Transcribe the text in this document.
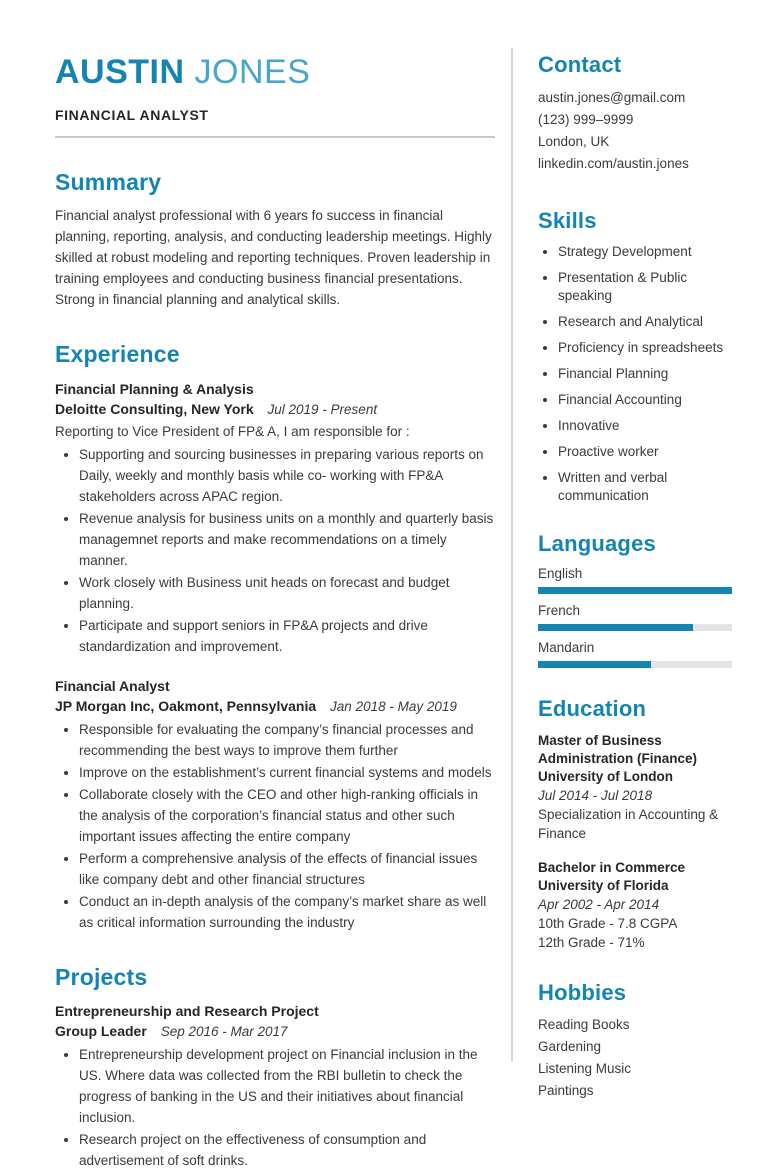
AUSTIN JONES
FINANCIAL ANALYST
Summary

Financial analyst professional with 6 years fo success in financial planning, reporting, analysis, and conducting leadership meetings. Highly skilled at robust modeling and reporting techniques. Proven leadership in training employees and conducting business financial presentations. Strong in financial planning and analytical skills.

Experience
Financial Planning & Analysis
Deloitte Consulting, New York Jul 2019 - Present

Reporting to Vice President of FP& A, I am responsible for :

• Supporting and sourcing businesses in preparing various reports on Daily, weekly and monthly basis while co- working with FP&A stakeholders across APAC region.
• Revenue analysis for business units on a monthly and quarterly basis managemnet reports and make recommendations on a timely manner.
• Work closely with Business unit heads on forecast and budget planning.
• Participate and support seniors in FP&A projects and drive standardization and improvement.
Financial Analyst
JP Morgan Inc, Oakmont, Pennsylvania Jan 2018 - May 2019
• Responsible for evaluating the company’s financial processes and recommending the best ways to improve them further
• Improve on the establishment’s current financial systems and models
• Collaborate closely with the CEO and other high-ranking officials in the analysis of the corporation’s financial status and other such important issues affecting the entire company
• Perform a comprehensive analysis of the effects of financial issues like company debt and other financial structures
• Conduct an in-depth analysis of the company’s market share as well as critical information surrounding the industry
Projects
Entrepreneurship and Research Project
Group Leader Sep 2016 - Mar 2017
• Entrepreneurship development project on Financial inclusion in the US. Where data was collected from the RBI bulletin to check the progress of banking in the US and their initiatives about financial inclusion.
• Research project on the effectiveness of consumption and advertisement of soft drinks.
Contact
austin.jones@gmail.com
(123) 999–9999
London, UK
linkedin.com/austin.jones
Skills
• Strategy Development
• Presentation & Public speaking
• Research and Analytical
• Proficiency in spreadsheets
• Financial Planning
• Financial Accounting
• Innovative
• Proactive worker
• Written and verbal communication
Languages
English
French
Mandarin
Education
Master of Business Administration (Finance)
University of London
Jul 2014 - Jul 2018
Specialization in Accounting & Finance
Bachelor in Commerce
University of Florida
Apr 2002 - Apr 2014
10th Grade - 7.8 CGPA
12th Grade - 71%
Hobbies
Reading Books
Gardening
Listening Music
Paintings
